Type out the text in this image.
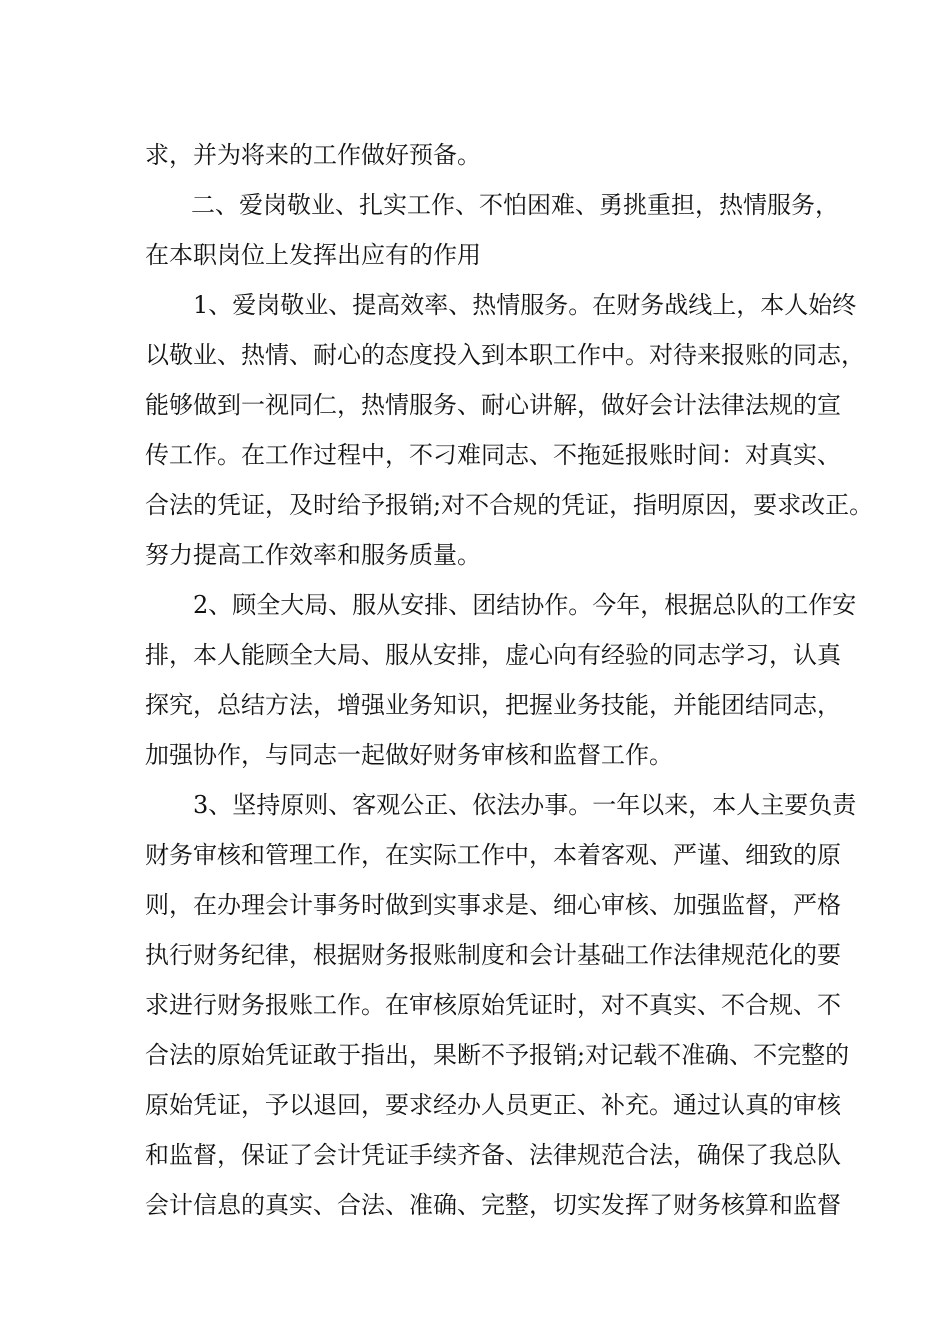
求，并为将来的工作做好预备。
二、爱岗敬业、扎实工作、不怕困难、勇挑重担，热情服务，
在本职岗位上发挥出应有的作用
1、爱岗敬业、提高效率、热情服务。在财务战线上，本人始终
以敬业、热情、耐心的态度投入到本职工作中。对待来报账的同志，
能够做到一视同仁，热情服务、耐心讲解，做好会计法律法规的宣
传工作。在工作过程中，不刁难同志、不拖延报账时间：对真实、
合法的凭证，及时给予报销;对不合规的凭证，指明原因，要求改正。
努力提高工作效率和服务质量。
2、顾全大局、服从安排、团结协作。今年，根据总队的工作安
排，本人能顾全大局、服从安排，虚心向有经验的同志学习，认真
探究，总结方法，增强业务知识，把握业务技能，并能团结同志，
加强协作，与同志一起做好财务审核和监督工作。
3、坚持原则、客观公正、依法办事。一年以来，本人主要负责
财务审核和管理工作，在实际工作中，本着客观、严谨、细致的原
则，在办理会计事务时做到实事求是、细心审核、加强监督，严格
执行财务纪律，根据财务报账制度和会计基础工作法律规范化的要
求进行财务报账工作。在审核原始凭证时，对不真实、不合规、不
合法的原始凭证敢于指出，果断不予报销;对记载不准确、不完整的
原始凭证，予以退回，要求经办人员更正、补充。通过认真的审核
和监督，保证了会计凭证手续齐备、法律规范合法，确保了我总队
会计信息的真实、合法、准确、完整，切实发挥了财务核算和监督
